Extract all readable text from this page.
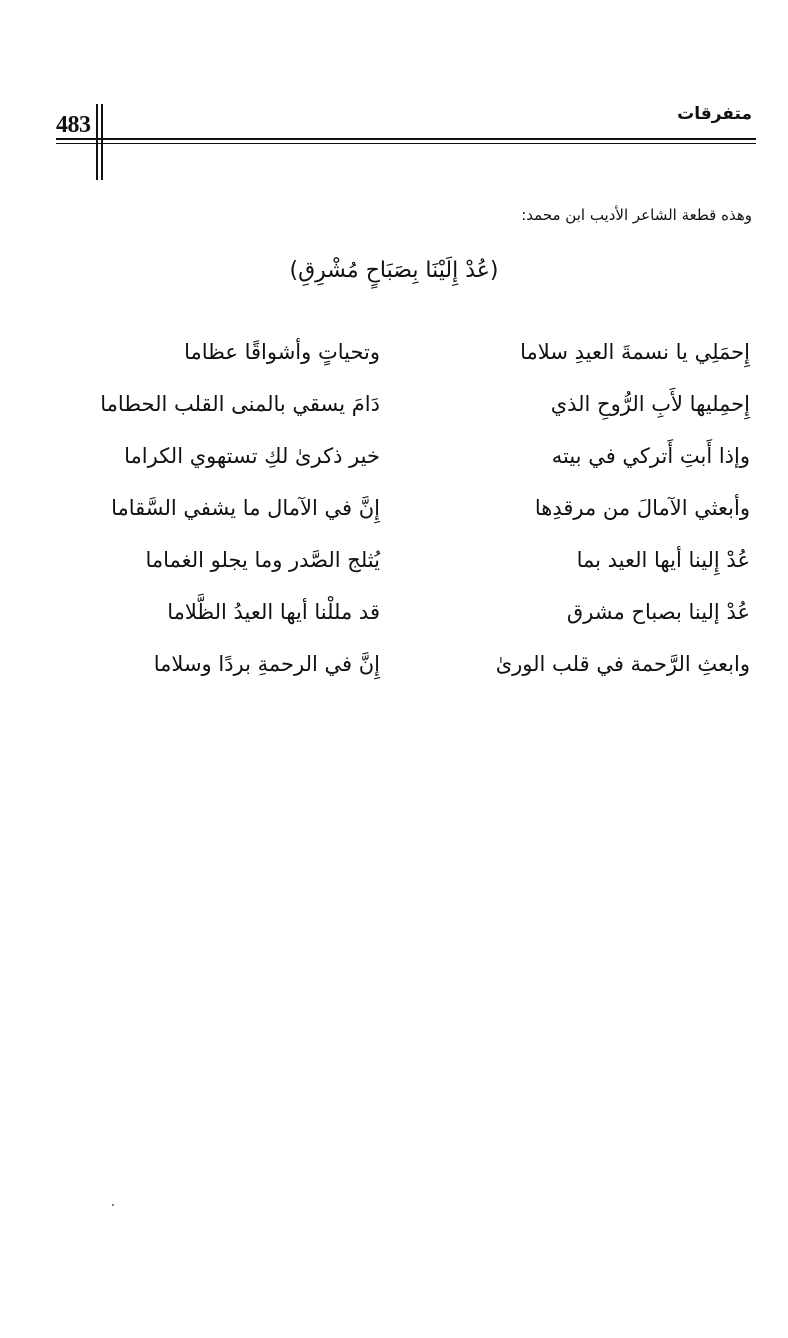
483	متفرقات
وهذه قطعة الشاعر الأديب ابن محمد:
(عُدْ إِلَيْنَا بِصَبَاحٍ مُشْرِقِ)
إِحمَلِي يا نسمةَ العيدِ سلاما
وتحياتٍ وأشواقًا عظاما
إِحمِليها لأَبِ الرُّوحِ الذي
دَامَ يسقي بالمنى القلب الحطاما
وإذا أَبتِ أَتركي في بيته
خير ذكرىٰ لكِ تستهوي الكراما
وأبعثي الآمالَ من مرقدِها
إِنَّ في الآمال ما يشفي السَّقاما
عُدْ إِلينا أيها العيد بما
يُثلج الصَّدر وما يجلو الغماما
عُدْ إلينا بصباح مشرق
قد مللْنا أيها العيدُ الظَّلاما
وابعثِ الرَّحمة في قلب الورىٰ
إِنَّ في الرحمةِ بردًا وسلاما
